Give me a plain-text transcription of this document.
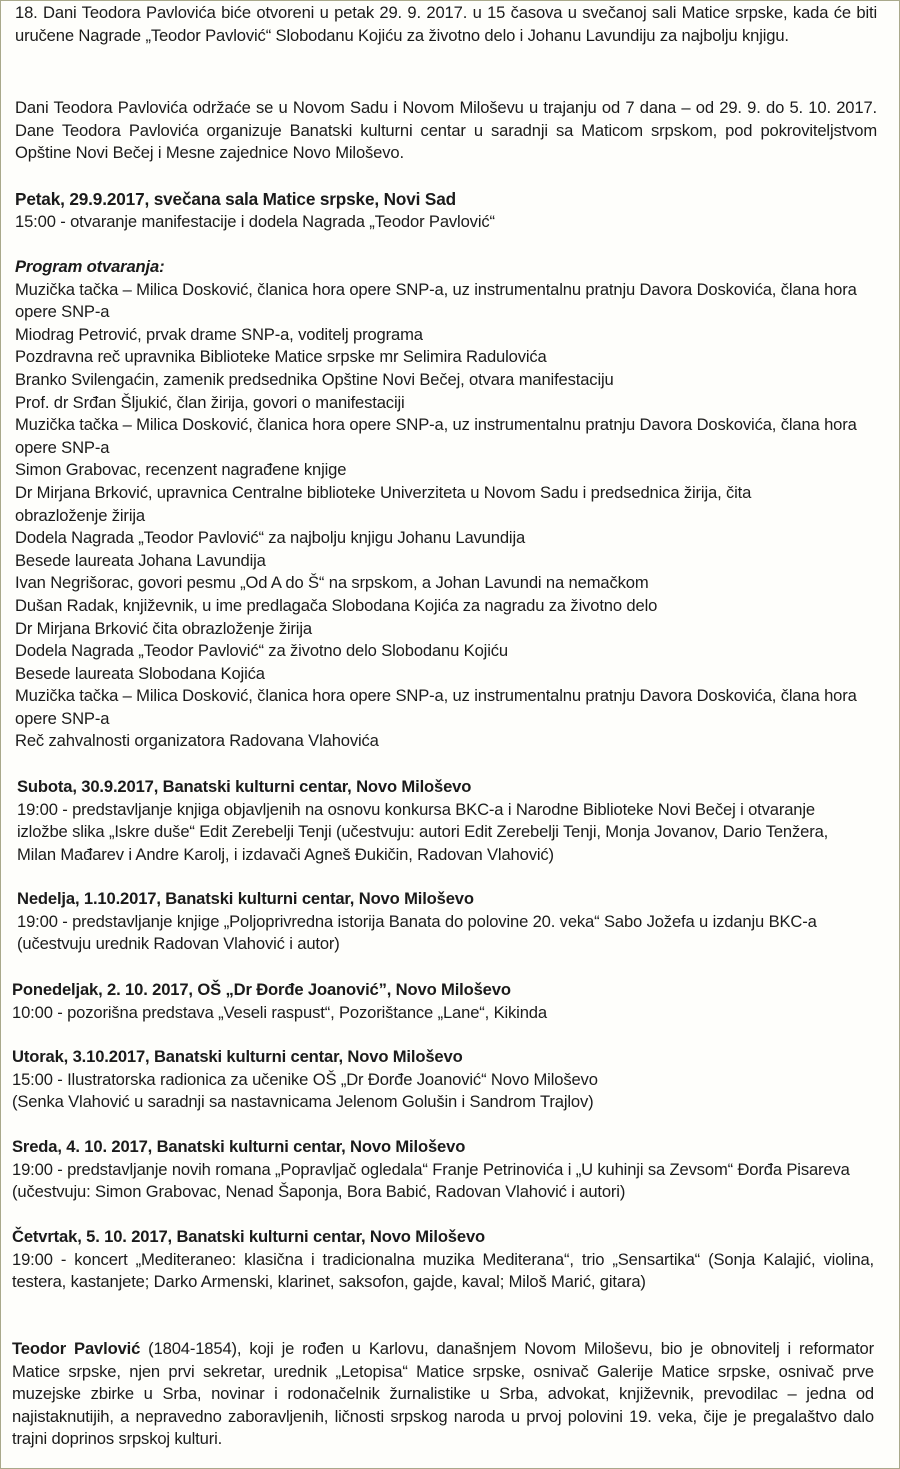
18. Dani Teodora Pavlovića biće otvoreni u petak 29. 9. 2017. u 15 časova u svečanoj sali Matice srpske, kada će biti uručene Nagrade „Teodor Pavlović“ Slobodanu Kojiću za životno delo i Johanu Lavundiju za najbolju knjigu.

Dani Teodora Pavlovića održaće se u Novom Sadu i Novom Miloševu u trajanju od 7 dana – od 29. 9. do 5. 10. 2017. Dane Teodora Pavlovića organizuje Banatski kulturni centar u saradnji sa Maticom srpskom, pod pokroviteljstvom Opštine Novi Bečej i Mesne zajednice Novo Miloševo.

Petak, 29.9.2017, svečana sala Matice srpske, Novi Sad
15:00 - otvaranje manifestacije i dodela Nagrada „Teodor Pavlović“
Program otvaranja:
Muzička tačka – Milica Dosković, članica hora opere SNP-a, uz instrumentalnu pratnju Davora Doskovića, člana hora opere SNP-a
Miodrag Petrović, prvak drame SNP-a, voditelj programa
Pozdravna reč upravnika Biblioteke Matice srpske mr Selimira Radulovića
Branko Svilengaćin, zamenik predsednika Opštine Novi Bečej, otvara manifestaciju
Prof. dr Srđan Šljukić, član žirija, govori o manifestaciji
Muzička tačka – Milica Dosković, članica hora opere SNP-a, uz instrumentalnu pratnju Davora Doskovića, člana hora opere SNP-a
Simon Grabovac, recenzent nagrađene knjige
Dr Mirjana Brković, upravnica Centralne biblioteke Univerziteta u Novom Sadu i predsednica žirija, čita obrazloženje žirija
Dodela Nagrada „Teodor Pavlović“ za najbolju knjigu Johanu Lavundija
Besede laureata Johana Lavundija
Ivan Negrišorac, govori pesmu „Od A do Š“ na srpskom, a Johan Lavundi na nemačkom
Dušan Radak, književnik, u ime predlagača Slobodana Kojića za nagradu za životno delo
Dr Mirjana Brković čita obrazloženje žirija
Dodela Nagrada „Teodor Pavlović“ za životno delo Slobodanu Kojiću
Besede laureata Slobodana Kojića
Muzička tačka – Milica Dosković, članica hora opere SNP-a, uz instrumentalnu pratnju Davora Doskovića, člana hora opere SNP-a
Reč zahvalnosti organizatora Radovana Vlahovića
Subota, 30.9.2017, Banatski kulturni centar, Novo Miloševo
19:00 - predstavljanje knjiga objavljenih na osnovu konkursa BKC-a i Narodne Biblioteke Novi Bečej i otvaranje izložbe slika „Iskre duše“ Edit Zerebelji Tenji (učestvuju: autori Edit Zerebelji Tenji, Monja Jovanov, Dario Tenžera, Milan Mađarev i Andre Karolj, i izdavači Agneš Đukičin, Radovan Vlahović)
Nedelja, 1.10.2017, Banatski kulturni centar, Novo Miloševo
19:00 - predstavljanje knjige „Poljoprivredna istorija Banata do polovine 20. veka“ Sabo Jožefa u izdanju BKC-a (učestvuju urednik Radovan Vlahović i autor)
Ponedeljak, 2. 10. 2017, OŠ „Dr Đorđe Joanović”, Novo Miloševo
10:00 - pozorišna predstava „Veseli raspust“, Pozorištance „Lane“, Kikinda
Utorak, 3.10.2017, Banatski kulturni centar, Novo Miloševo
15:00 - Ilustratorska radionica za učenike OŠ „Dr Đorđe Joanović“ Novo Miloševo
(Senka Vlahović u saradnji sa nastavnicama Jelenom Golušin i Sandrom Trajlov)
Sreda, 4. 10. 2017, Banatski kulturni centar, Novo Miloševo
19:00 - predstavljanje novih romana „Popravljač ogledala“ Franje Petrinovića i „U kuhinji sa Zevsom“ Đorđa Pisareva (učestvuju: Simon Grabovac, Nenad Šaponja, Bora Babić, Radovan Vlahović i autori)
Četvrtak, 5. 10. 2017, Banatski kulturni centar, Novo Miloševo
19:00 - koncert „Mediteraneo: klasična i tradicionalna muzika Mediterana“, trio „Sensartika“ (Sonja Kalajić, violina, testera, kastanjete; Darko Armenski, klarinet, saksofon, gajde, kaval; Miloš Marić, gitara)

Teodor Pavlović (1804-1854), koji je rođen u Karlovu, današnjem Novom Miloševu, bio je obnovitelj i reformator Matice srpske, njen prvi sekretar, urednik „Letopisa“ Matice srpske, osnivač Galerije Matice srpske, osnivač prve muzejske zbirke u Srba, novinar i rodonačelnik žurnalistike u Srba, advokat, književnik, prevodilac – jedna od najistaknutijih, a nepravedno zaboravljenih, ličnosti srpskog naroda u prvoj polovini 19. veka, čije je pregalaštvo dalo trajni doprinos srpskoj kulturi.
